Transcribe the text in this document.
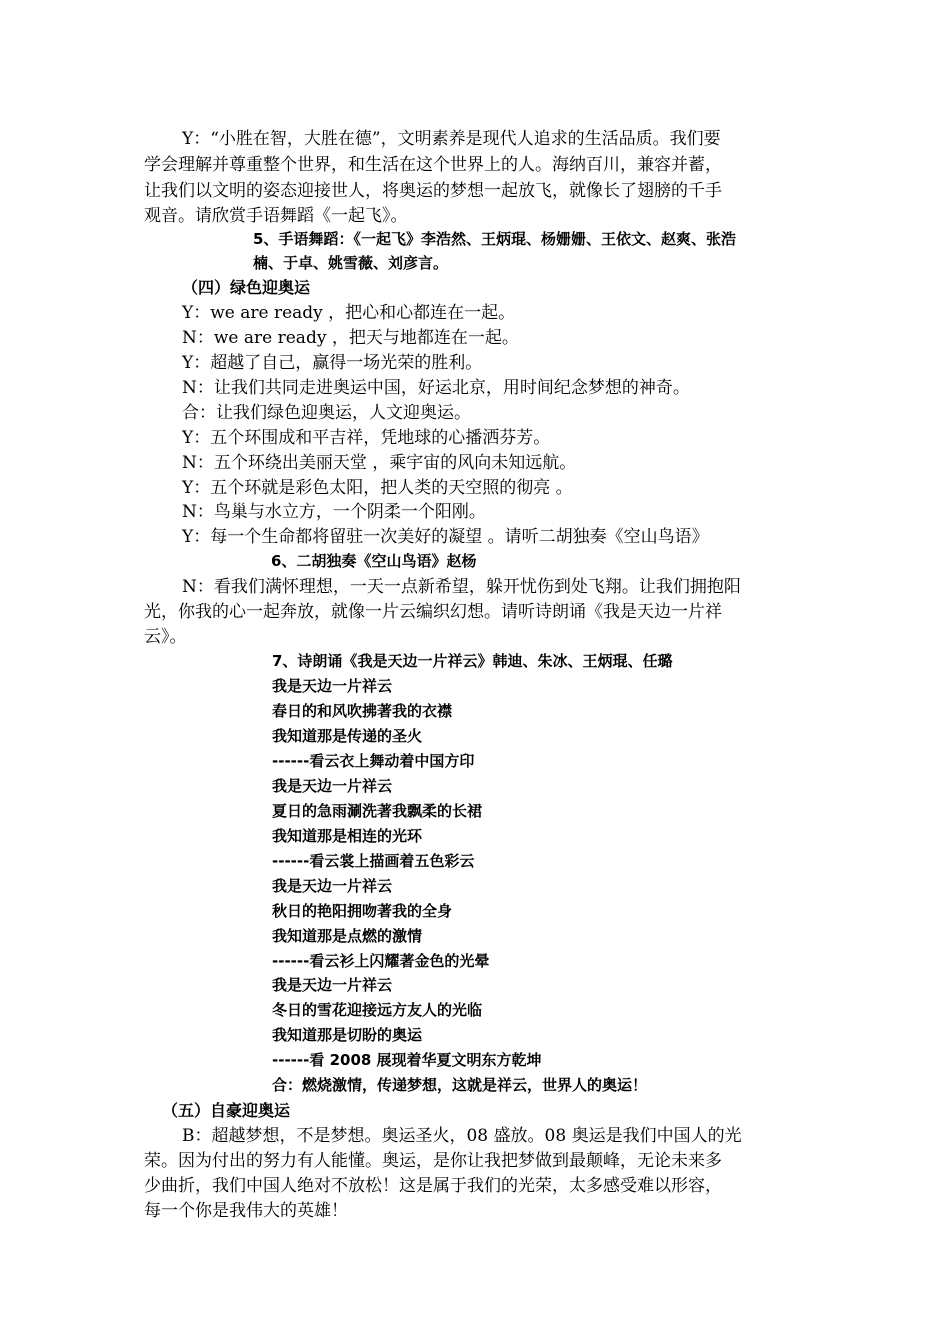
Y：“小胜在智，大胜在德”，文明素养是现代人追求的生活品质。我们要
学会理解并尊重整个世界，和生活在这个世界上的人。海纳百川，兼容并蓄，
让我们以文明的姿态迎接世人，将奥运的梦想一起放飞，就像长了翅膀的千手
观音。请欣赏手语舞蹈《一起飞》。
5、手语舞蹈：《一起飞》李浩然、王炳琨、杨姗姗、王依文、赵爽、张浩
楠、于卓、姚雪薇、刘彦言。
（四）绿色迎奥运
Y：we are ready ，把心和心都连在一起。
N：we are ready ，把天与地都连在一起。
Y：超越了自己，赢得一场光荣的胜利。
N：让我们共同走进奥运中国，好运北京，用时间纪念梦想的神奇。
合：让我们绿色迎奥运，人文迎奥运。
Y：五个环围成和平吉祥，凭地球的心播洒芬芳。
N：五个环绕出美丽天堂 ，乘宇宙的风向未知远航。
Y：五个环就是彩色太阳，把人类的天空照的彻亮 。
N：鸟巢与水立方，一个阴柔一个阳刚。
Y：每一个生命都将留驻一次美好的凝望 。请听二胡独奏《空山鸟语》
6、二胡独奏《空山鸟语》赵杨
N：看我们满怀理想，一天一点新希望，躲开忧伤到处飞翔。让我们拥抱阳
光，你我的心一起奔放，就像一片云编织幻想。请听诗朗诵《我是天边一片祥
云》。
7、诗朗诵《我是天边一片祥云》韩迪、朱冰、王炳琨、任璐
我是天边一片祥云
春日的和风吹拂著我的衣襟
我知道那是传递的圣火
------看云衣上舞动着中国方印
我是天边一片祥云
夏日的急雨涮洗著我飘柔的长裙
我知道那是相连的光环
------看云裳上描画着五色彩云
我是天边一片祥云
秋日的艳阳拥吻著我的全身
我知道那是点燃的激情
------看云衫上闪耀著金色的光晕
我是天边一片祥云
冬日的雪花迎接远方友人的光临
我知道那是切盼的奥运
------看 2008 展现着华夏文明东方乾坤
合：燃烧激情，传递梦想，这就是祥云，世界人的奥运！
（五）自豪迎奥运
B：超越梦想，不是梦想。奥运圣火，08 盛放。08 奥运是我们中国人的光
荣。因为付出的努力有人能懂。奥运，是你让我把梦做到最颠峰，无论未来多
少曲折，我们中国人绝对不放松！这是属于我们的光荣，太多感受难以形容，
每一个你是我伟大的英雄！
